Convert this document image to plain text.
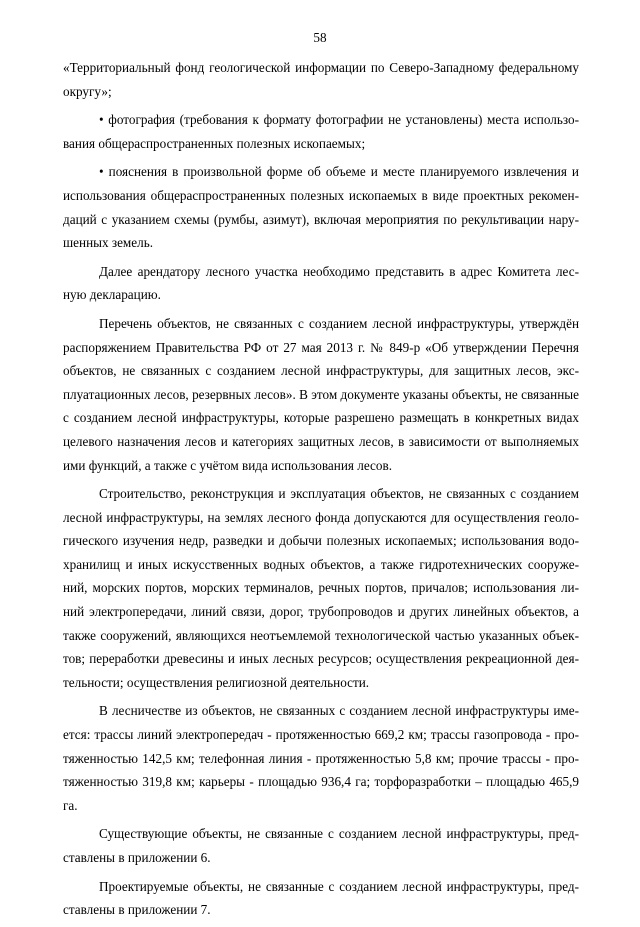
58

«Территориальный фонд геологической информации по Северо-Западному федеральному округу»;

• фотография (требования к формату фотографии не установлены) места использования общераспространенных полезных ископаемых;

• пояснения в произвольной форме об объеме и месте планируемого извлечения и использования общераспространенных полезных ископаемых в виде проектных рекомендаций с указанием схемы (румбы, азимут), включая мероприятия по рекультивации нарушенных земель.

Далее арендатору лесного участка необходимо представить в адрес Комитета лесную декларацию.

Перечень объектов, не связанных с созданием лесной инфраструктуры, утверждён распоряжением Правительства РФ от 27 мая 2013 г. № 849-р «Об утверждении Перечня объектов, не связанных с созданием лесной инфраструктуры, для защитных лесов, эксплуатационных лесов, резервных лесов». В этом документе указаны объекты, не связанные с созданием лесной инфраструктуры, которые разрешено размещать в конкретных видах целевого назначения лесов и категориях защитных лесов, в зависимости от выполняемых ими функций, а также с учётом вида использования лесов.

Строительство, реконструкция и эксплуатация объектов, не связанных с созданием лесной инфраструктуры, на землях лесного фонда допускаются для осуществления геологического изучения недр, разведки и добычи полезных ископаемых; использования водохранилищ и иных искусственных водных объектов, а также гидротехнических сооружений, морских портов, морских терминалов, речных портов, причалов; использования линий электропередачи, линий связи, дорог, трубопроводов и других линейных объектов, а также сооружений, являющихся неотъемлемой технологической частью указанных объектов; переработки древесины и иных лесных ресурсов; осуществления рекреационной деятельности; осуществления религиозной деятельности.

В лесничестве из объектов, не связанных с созданием лесной инфраструктуры имеется: трассы линий электропередач - протяженностью 669,2 км; трассы газопровода - протяженностью 142,5 км; телефонная линия - протяженностью 5,8 км; прочие трассы - протяженностью 319,8 км; карьеры - площадью 936,4 га; торфоразработки – площадью 465,9 га.

Существующие объекты, не связанные с созданием лесной инфраструктуры, представлены в приложении 6.

Проектируемые объекты, не связанные с созданием лесной инфраструктуры, представлены в приложении 7.
